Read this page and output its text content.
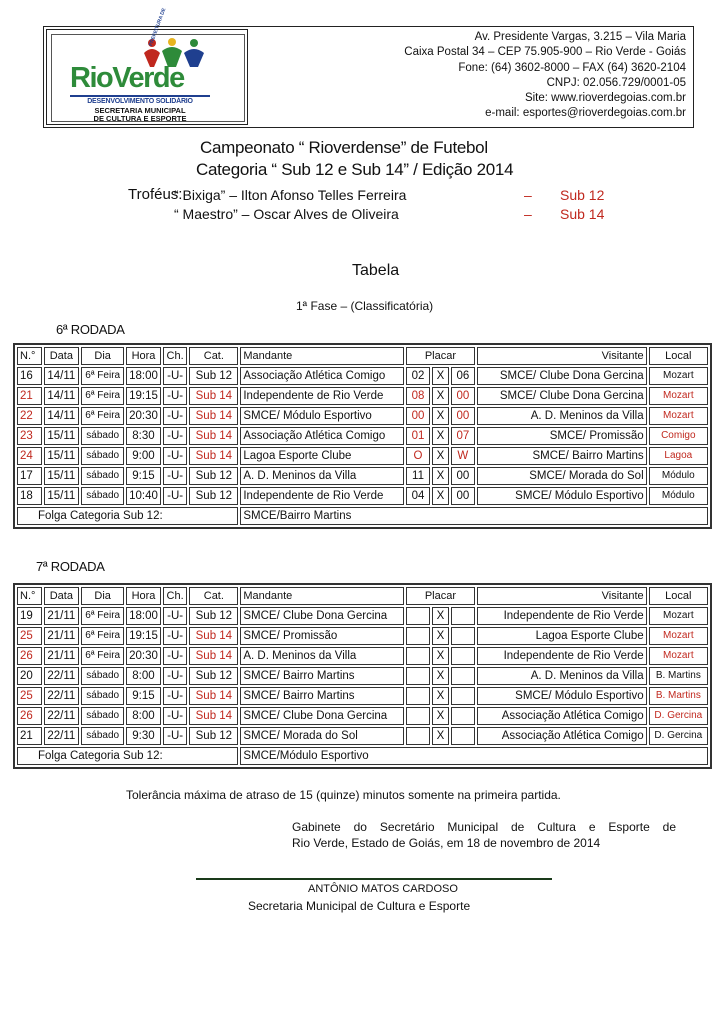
PREFEITURA DE
RioVerde
DESENVOLVIMENTO SOLIDÁRIO
SECRETARIA MUNICIPAL
DE CULTURA E ESPORTE
Av. Presidente Vargas, 3.215 – Vila Maria
Caixa Postal 34 – CEP 75.905-900 – Rio Verde - Goiás
Fone: (64) 3602-8000 – FAX (64) 3620-2104
CNPJ: 02.056.729/0001-05
Site: www.rioverdegoias.com.br
e-mail: esportes@rioverdegoias.com.br
Campeonato “ Rioverdense” de Futebol
Categoria “ Sub 12 e Sub 14” / Edição 2014
Troféus:
“ Bixiga” – Ilton Afonso Telles Ferreira	– Sub 12
“ Maestro” – Oscar Alves de Oliveira	– Sub 14
Tabela
1ª Fase – (Classificatória)
6ª RODADA
N.°	Data	Dia	Hora	Ch.	Cat.	Mandante	Placar			Visitante	Local
16	14/11	6ª Feira	18:00	-U-	Sub 12	Associação Atlética Comigo	02	X	06	SMCE/ Clube Dona Gercina	Mozart
21	14/11	6ª Feira	19:15	-U-	Sub 14	Independente de Rio Verde	08	X	00	SMCE/ Clube Dona Gercina	Mozart
22	14/11	6ª Feira	20:30	-U-	Sub 14	SMCE/ Módulo Esportivo	00	X	00	A. D. Meninos da Villa	Mozart
23	15/11	sábado	8:30	-U-	Sub 14	Associação Atlética Comigo	01	X	07	SMCE/ Promissão	Comigo
24	15/11	sábado	9:00	-U-	Sub 14	Lagoa Esporte Clube	O	X	W	SMCE/ Bairro Martins	Lagoa
17	15/11	sábado	9:15	-U-	Sub 12	A. D. Meninos da Villa	11	X	00	SMCE/ Morada do Sol	Módulo
18	15/11	sábado	10:40	-U-	Sub 12	Independente de Rio Verde	04	X	00	SMCE/ Módulo Esportivo	Módulo
Folga Categoria Sub 12:						SMCE/Bairro Martins					
7ª RODADA
N.°	Data	Dia	Hora	Ch.	Cat.	Mandante	Placar			Visitante	Local
19	21/11	6ª Feira	18:00	-U-	Sub 12	SMCE/ Clube Dona Gercina		X		Independente de Rio Verde	Mozart
25	21/11	6ª Feira	19:15	-U-	Sub 14	SMCE/ Promissão		X		Lagoa Esporte Clube	Mozart
26	21/11	6ª Feira	20:30	-U-	Sub 14	A. D. Meninos da Villa		X		Independente de Rio Verde	Mozart
20	22/11	sábado	8:00	-U-	Sub 12	SMCE/ Bairro Martins		X		A. D. Meninos da Villa	B. Martins
25	22/11	sábado	9:15	-U-	Sub 14	SMCE/ Bairro Martins		X		SMCE/ Módulo Esportivo	B. Martins
26	22/11	sábado	8:00	-U-	Sub 14	SMCE/ Clube Dona Gercina		X		Associação Atlética Comigo	D. Gercina
21	22/11	sábado	9:30	-U-	Sub 12	SMCE/ Morada do Sol		X		Associação Atlética Comigo	D. Gercina
Folga Categoria Sub 12:						SMCE/Módulo Esportivo					
Tolerância máxima de atraso de 15 (quinze) minutos somente na primeira partida.
Gabinete do Secretário Municipal de Cultura e Esporte de
Rio Verde, Estado de Goiás, em 18 de novembro de 2014
ANTÔNIO MATOS CARDOSO
Secretaria Municipal de Cultura e Esporte
